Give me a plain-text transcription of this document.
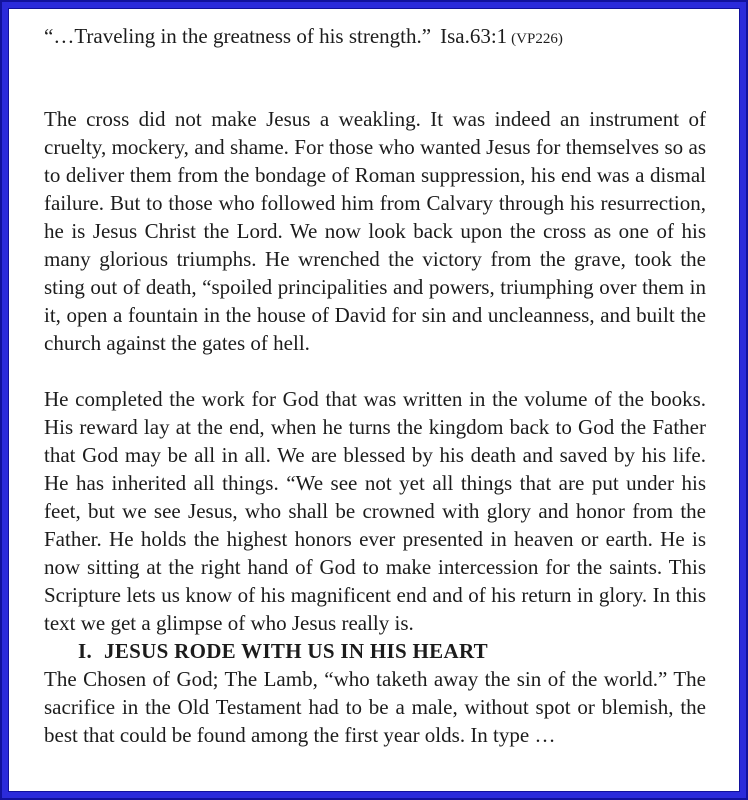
“…Traveling in the greatness of his strength.” Isa.63:1 (VP226)

The cross did not make Jesus a weakling. It was indeed an instrument of cruelty, mockery, and shame. For those who wanted Jesus for themselves so as to deliver them from the bondage of Roman suppression, his end was a dismal failure. But to those who followed him from Calvary through his resurrection, he is Jesus Christ the Lord. We now look back upon the cross as one of his many glorious triumphs. He wrenched the victory from the grave, took the sting out of death, “spoiled principalities and powers, triumphing over them in it, open a fountain in the house of David for sin and uncleanness, and built the church against the gates of hell.

He completed the work for God that was written in the volume of the books. His reward lay at the end, when he turns the kingdom back to God the Father that God may be all in all. We are blessed by his death and saved by his life. He has inherited all things. “We see not yet all things that are put under his feet, but we see Jesus, who shall be crowned with glory and honor from the Father. He holds the highest honors ever presented in heaven or earth. He is now sitting at the right hand of God to make intercession for the saints. This Scripture lets us know of his magnificent end and of his return in glory. In this text we get a glimpse of who Jesus really is.

I. JESUS RODE WITH US IN HIS HEART

The Chosen of God; The Lamb, “who taketh away the sin of the world.” The sacrifice in the Old Testament had to be a male, without spot or blemish, the best that could be found among the first year olds. In type …
